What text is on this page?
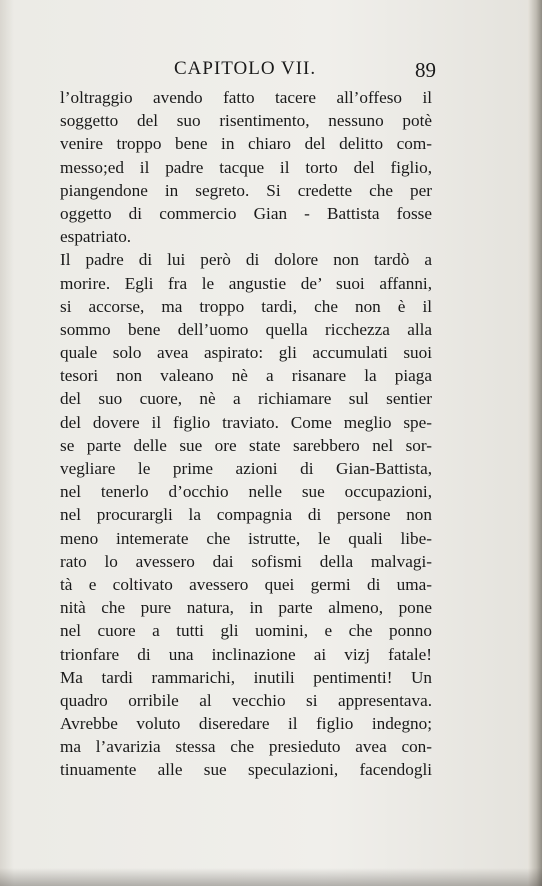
CAPITOLO VII.	89
l’oltraggio avendo fatto tacere all’offeso il
soggetto del suo risentimento, nessuno potè
venire troppo bene in chiaro del delitto com-
messo;ed il padre tacque il torto del figlio,
piangendone in segreto. Si credette che per
oggetto di commercio Gian - Battista fosse
espatriato.
Il padre di lui però di dolore non tardò a
morire. Egli fra le angustie de’ suoi affanni,
si accorse, ma troppo tardi, che non è il
sommo bene dell’uomo quella ricchezza alla
quale solo avea aspirato: gli accumulati suoi
tesori non valeano nè a risanare la piaga
del suo cuore, nè a richiamare sul sentier
del dovere il figlio traviato. Come meglio spe-
se parte delle sue ore state sarebbero nel sor-
vegliare le prime azioni di Gian-Battista,
nel tenerlo d’occhio nelle sue occupazioni,
nel procurargli la compagnia di persone non
meno intemerate che istrutte, le quali libe-
rato lo avessero dai sofismi della malvagi-
tà e coltivato avessero quei germi di uma-
nità che pure natura, in parte almeno, pone
nel cuore a tutti gli uomini, e che ponno
trionfare di una inclinazione ai vizj fatale!
Ma tardi rammarichi, inutili pentimenti! Un
quadro orribile al vecchio si appresentava.
Avrebbe voluto diseredare il figlio indegno;
ma l’avarizia stessa che presieduto avea con-
tinuamente alle sue speculazioni, facendogli
